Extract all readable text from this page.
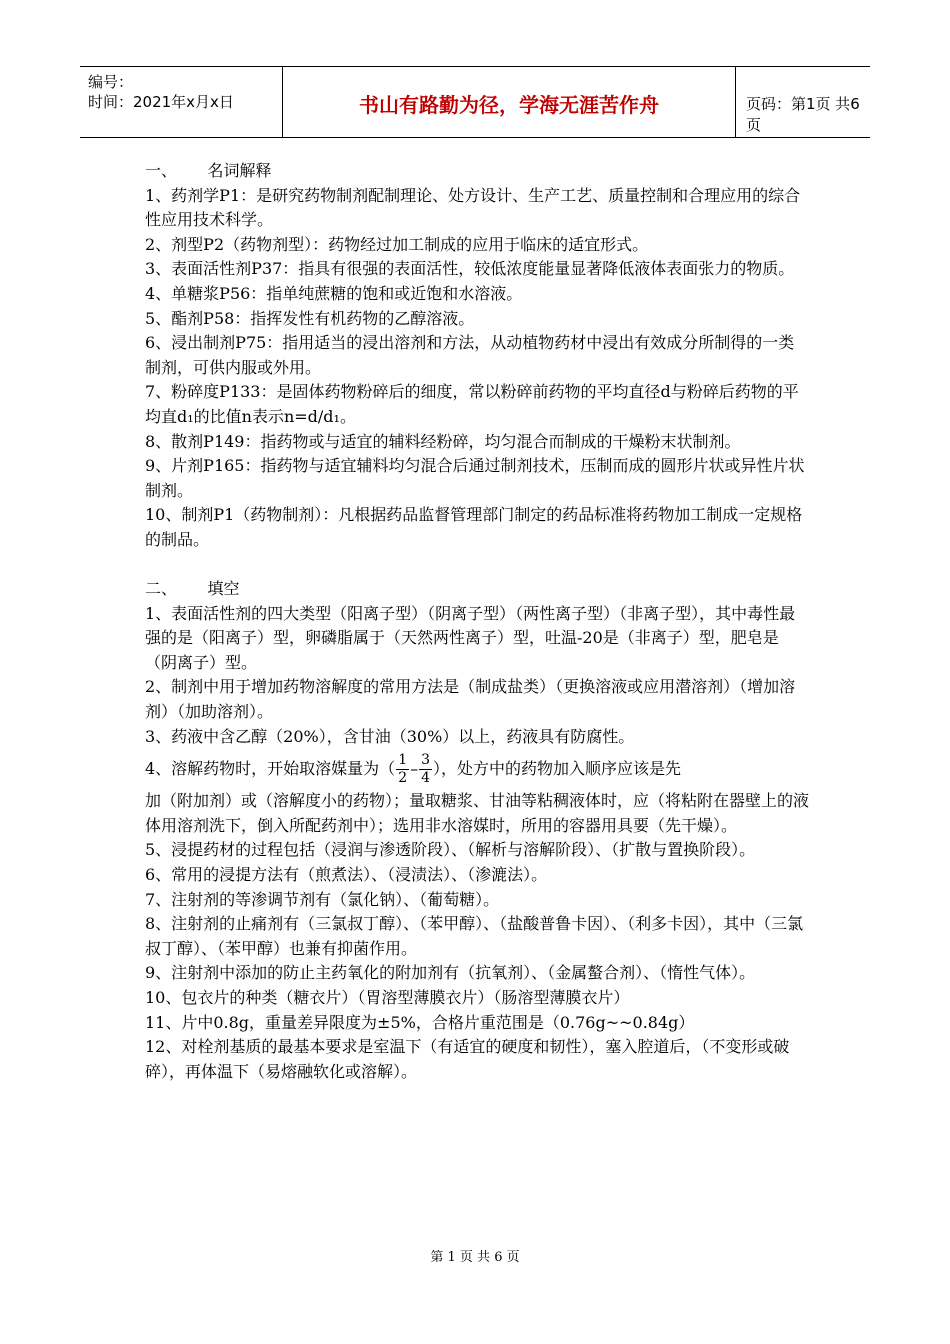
编号：
时间：2021年x月x日	书山有路勤为径，学海无涯苦作舟	页码：第1页 共6页

一、      名词解释

1、药剂学P1：是研究药物制剂配制理论、处方设计、生产工艺、质量控制和合理应用的综合性应用技术科学。

2、剂型P2（药物剂型）：药物经过加工制成的应用于临床的适宜形式。

3、表面活性剂P37：指具有很强的表面活性，较低浓度能量显著降低液体表面张力的物质。

4、单糖浆P56：指单纯蔗糖的饱和或近饱和水溶液。

5、酯剂P58：指挥发性有机药物的乙醇溶液。

6、浸出制剂P75：指用适当的浸出溶剂和方法，从动植物药材中浸出有效成分所制得的一类制剂，可供内服或外用。

7、粉碎度P133：是固体药物粉碎后的细度，常以粉碎前药物的平均直径d与粉碎后药物的平均直d₁的比值n表示n=d/d₁。

8、散剂P149：指药物或与适宜的辅料经粉碎，均匀混合而制成的干燥粉末状制剂。

9、片剂P165：指药物与适宜辅料均匀混合后通过制剂技术，压制而成的圆形片状或异性片状制剂。

10、制剂P1（药物制剂）：凡根据药品监督管理部门制定的药品标准将药物加工制成一定规格的制品。

二、      填空

1、表面活性剂的四大类型（阳离子型）（阴离子型）（两性离子型）（非离子型），其中毒性最强的是（阳离子）型，卵磷脂属于（天然两性离子）型，吐温-20是（非离子）型，肥皂是（阴离子）型。

2、制剂中用于增加药物溶解度的常用方法是（制成盐类）（更换溶液或应用潜溶剂）（增加溶剂）（加助溶剂）。

3、药液中含乙醇（20%），含甘油（30%）以上，药液具有防腐性。

4、溶解药物时，开始取溶媒量为（ $\frac{1}{2} - \frac{3}{4}$ ），处方中的药物加入顺序应该是先

加（附加剂）或（溶解度小的药物）；量取糖浆、甘油等粘稠液体时，应（将粘附在器壁上的液体用溶剂洗下，倒入所配药剂中）；选用非水溶媒时，所用的容器用具要（先干燥）。

5、浸提药材的过程包括（浸润与渗透阶段）、（解析与溶解阶段）、（扩散与置换阶段）。

6、常用的浸提方法有（煎煮法）、（浸渍法）、（渗漉法）。

7、注射剂的等渗调节剂有（氯化钠）、（葡萄糖）。

8、注射剂的止痛剂有（三氯叔丁醇）、（苯甲醇）、（盐酸普鲁卡因）、（利多卡因），其中（三氯叔丁醇）、（苯甲醇）也兼有抑菌作用。

9、注射剂中添加的防止主药氧化的附加剂有（抗氧剂）、（金属螯合剂）、（惰性气体）。

10、包衣片的种类（糖衣片）（胃溶型薄膜衣片）（肠溶型薄膜衣片）

11、片中0.8g，重量差异限度为±5%，合格片重范围是（0.76g~~0.84g）

12、对栓剂基质的最基本要求是室温下（有适宜的硬度和韧性），塞入腔道后，（不变形或破碎），再体温下（易熔融软化或溶解）。

第 1 页 共 6 页
